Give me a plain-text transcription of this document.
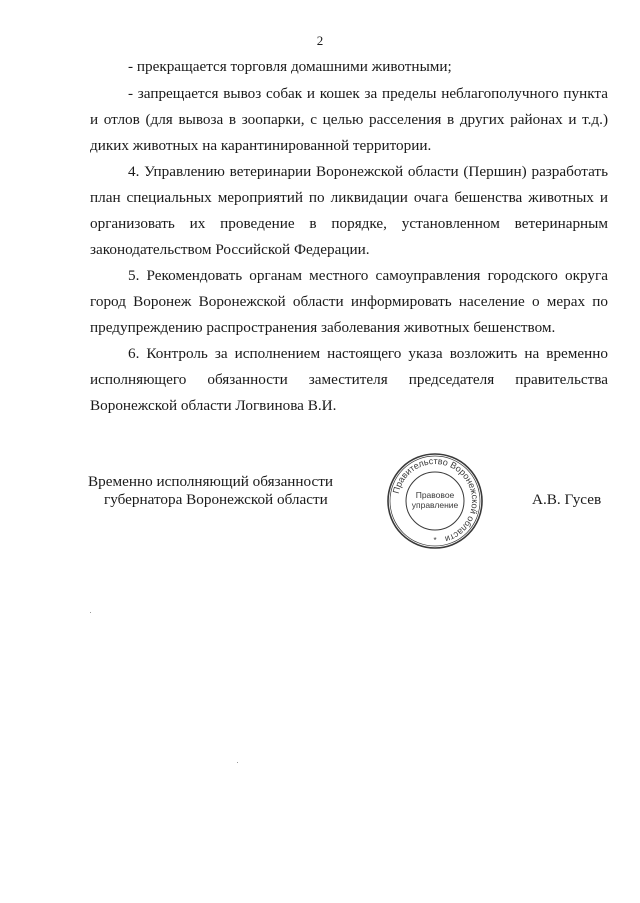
2
- прекращается торговля домашними животными;
- запрещается вывоз собак и кошек за пределы неблагополучного пункта
и отлов (для вывоза в зоопарки, с целью расселения в других районах и т.д.)
диких животных на карантинированной территории.
4. Управлению ветеринарии Воронежской области (Першин) разработать
план специальных мероприятий по ликвидации очага бешенства животных и
организовать их проведение в порядке, установленном ветеринарным
законодательством Российской Федерации.
5. Рекомендовать органам местного самоуправления городского округа
город Воронеж Воронежской области информировать население о мерах по
предупреждению распространения заболевания животных бешенством.
6. Контроль за исполнением настоящего указа возложить на временно
исполняющего обязанности заместителя председателя правительства
Воронежской области Логвинова В.И.
Временно исполняющий обязанности
губернатора Воронежской области	А.В. Гусев
Правительство Воронежской области
Правовое
управление
*
